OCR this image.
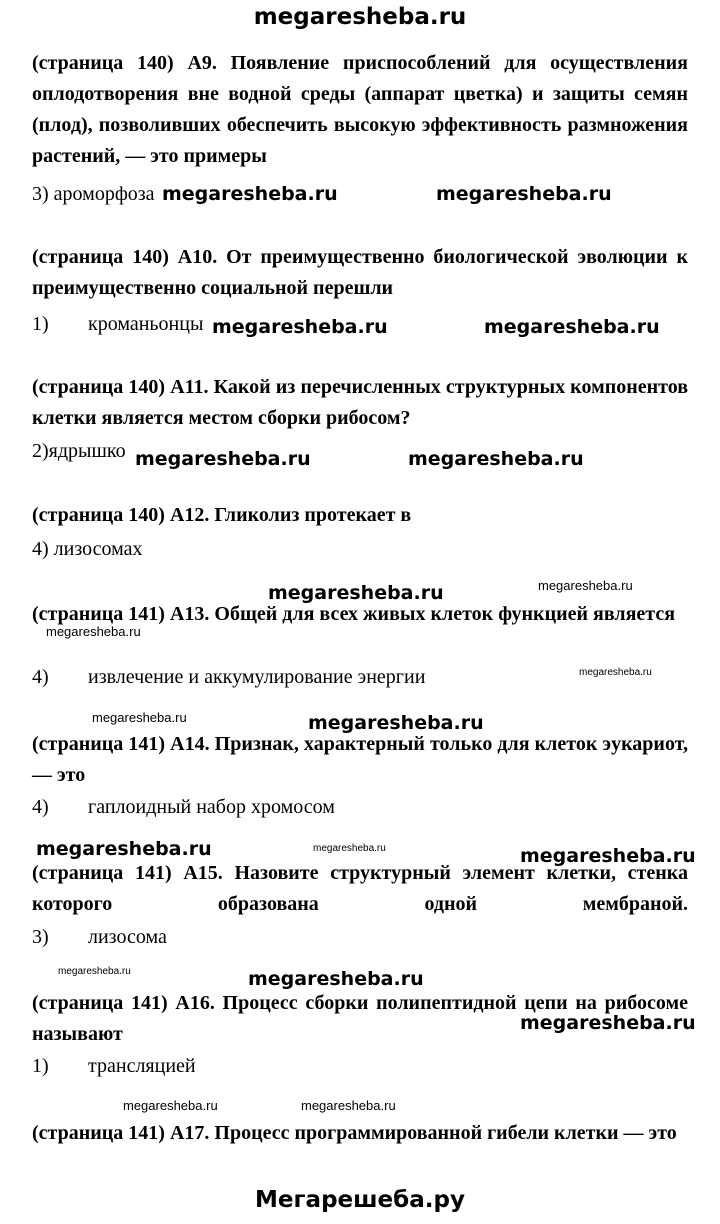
megaresheba.ru
(страница 140) А9. Появление приспособлений для осуществления оплодотворения вне водной среды (аппарат цветка) и защиты семян (плод), позволивших обеспечить высокую эффективность размножения растений, — это примеры
3) ароморфоза
(страница 140) А10. От преимущественно биологической эволюции к преимущественно социальной перешли
1) кроманьонцы
(страница 140) А11. Какой из перечисленных структурных компонентов клетки является местом сборки рибосом?
2)ядрышко
(страница 140) А12. Гликолиз протекает в
4) лизосомах
(страница 141) А13. Общей для всех живых клеток функцией является
4) извлечение и аккумулирование энергии
(страница 141) А14. Признак, характерный только для клеток эукариот, — это
4) гаплоидный набор хромосом
(страница 141) А15. Назовите структурный элемент клетки, стенка которого образована одной мембраной.
3) лизосома
(страница 141) А16. Процесс сборки полипептидной цепи на рибосоме называют
1) трансляцией
(страница 141) А17. Процесс программированной гибели клетки — это
Мегарешеба.ру
megaresheba.ru	megaresheba.ru
megaresheba.ru	megaresheba.ru
megaresheba.ru	megaresheba.ru
megaresheba.ru	megaresheba.ru
megaresheba.ru
megaresheba.ru
megaresheba.ru	megaresheba.ru
megaresheba.ru	megaresheba.ru	megaresheba.ru
megaresheba.ru	megaresheba.ru
megaresheba.ru
megaresheba.ru	megaresheba.ru
